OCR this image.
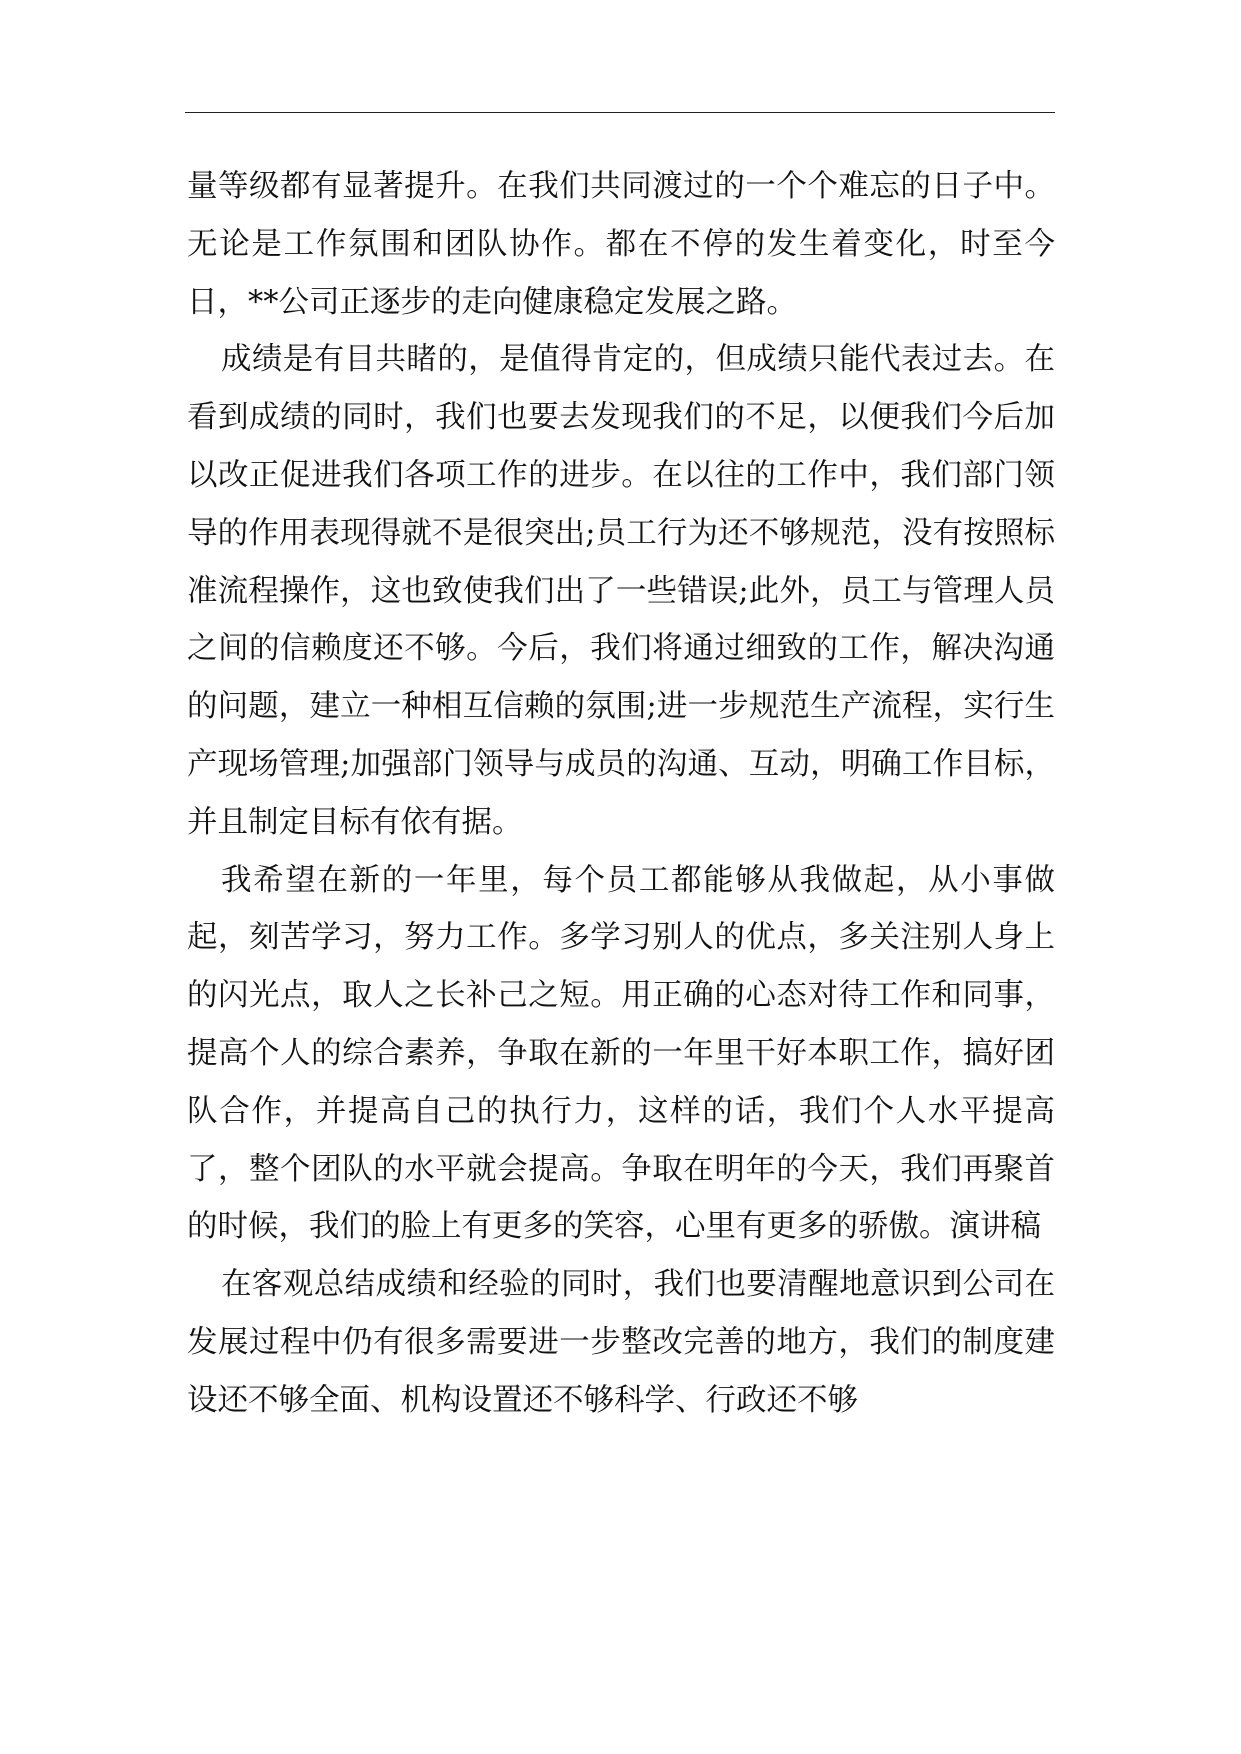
量等级都有显著提升。在我们共同渡过的一个个难忘的日子中。无论是工作氛围和团队协作。都在不停的发生着变化，时至今日，**公司正逐步的走向健康稳定发展之路。

成绩是有目共睹的，是值得肯定的，但成绩只能代表过去。在看到成绩的同时，我们也要去发现我们的不足，以便我们今后加以改正促进我们各项工作的进步。在以往的工作中，我们部门领导的作用表现得就不是很突出;员工行为还不够规范，没有按照标准流程操作，这也致使我们出了一些错误;此外，员工与管理人员之间的信赖度还不够。今后，我们将通过细致的工作，解决沟通的问题，建立一种相互信赖的氛围;进一步规范生产流程，实行生产现场管理;加强部门领导与成员的沟通、互动，明确工作目标，并且制定目标有依有据。

我希望在新的一年里，每个员工都能够从我做起，从小事做起，刻苦学习，努力工作。多学习别人的优点，多关注别人身上的闪光点，取人之长补己之短。用正确的心态对待工作和同事，提高个人的综合素养，争取在新的一年里干好本职工作，搞好团队合作，并提高自己的执行力，这样的话，我们个人水平提高了，整个团队的水平就会提高。争取在明年的今天，我们再聚首的时候，我们的脸上有更多的笑容，心里有更多的骄傲。演讲稿

在客观总结成绩和经验的同时，我们也要清醒地意识到公司在发展过程中仍有很多需要进一步整改完善的地方，我们的制度建设还不够全面、机构设置还不够科学、行政还不够
